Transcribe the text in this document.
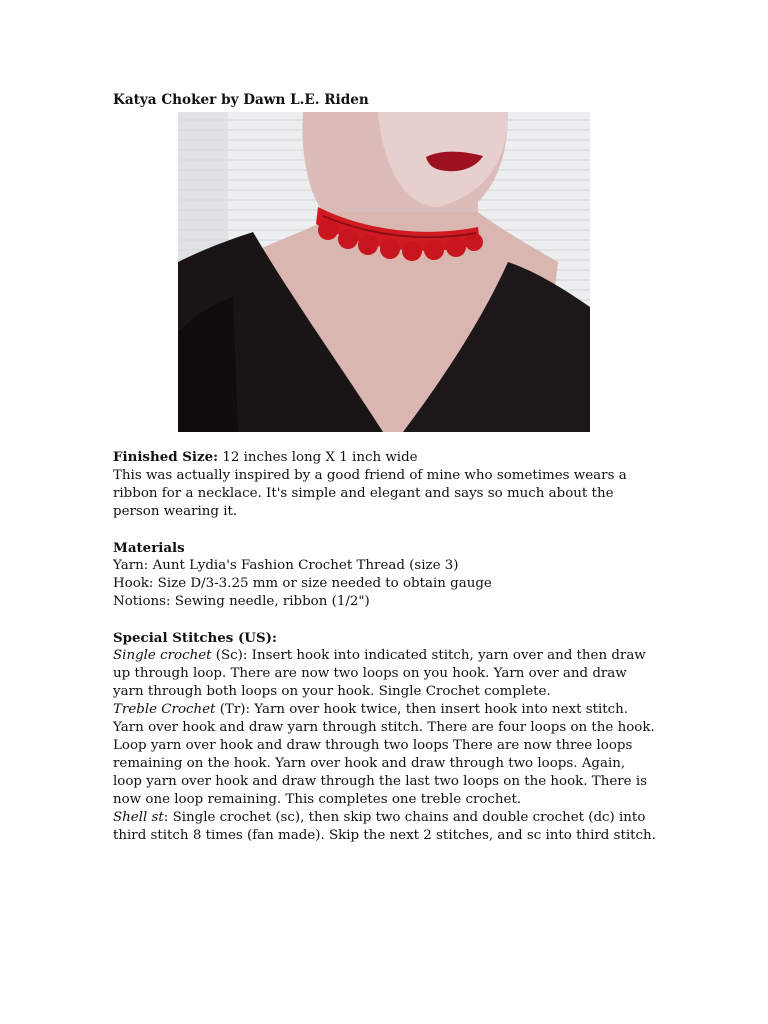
Katya Choker by Dawn L.E. Riden

Finished Size: 12 inches long X 1 inch wide

This was actually inspired by a good friend of mine who sometimes wears a ribbon for a necklace. It's simple and elegant and says so much about the person wearing it.

Materials

Yarn: Aunt Lydia's Fashion Crochet Thread (size 3)

Hook: Size D/3-3.25 mm or size needed to obtain gauge

Notions: Sewing needle, ribbon (1/2")

Special Stitches (US):

Single crochet (Sc): Insert hook into indicated stitch, yarn over and then draw up through loop. There are now two loops on you hook. Yarn over and draw yarn through both loops on your hook. Single Crochet complete.

Treble Crochet (Tr): Yarn over hook twice, then insert hook into next stitch. Yarn over hook and draw yarn through stitch. There are four loops on the hook. Loop yarn over hook and draw through two loops There are now three loops remaining on the hook. Yarn over hook and draw through two loops. Again, loop yarn over hook and draw through the last two loops on the hook. There is now one loop remaining. This completes one treble crochet.

Shell st: Single crochet (sc), then skip two chains and double crochet (dc) into third stitch 8 times (fan made). Skip the next 2 stitches, and sc into third stitch.
